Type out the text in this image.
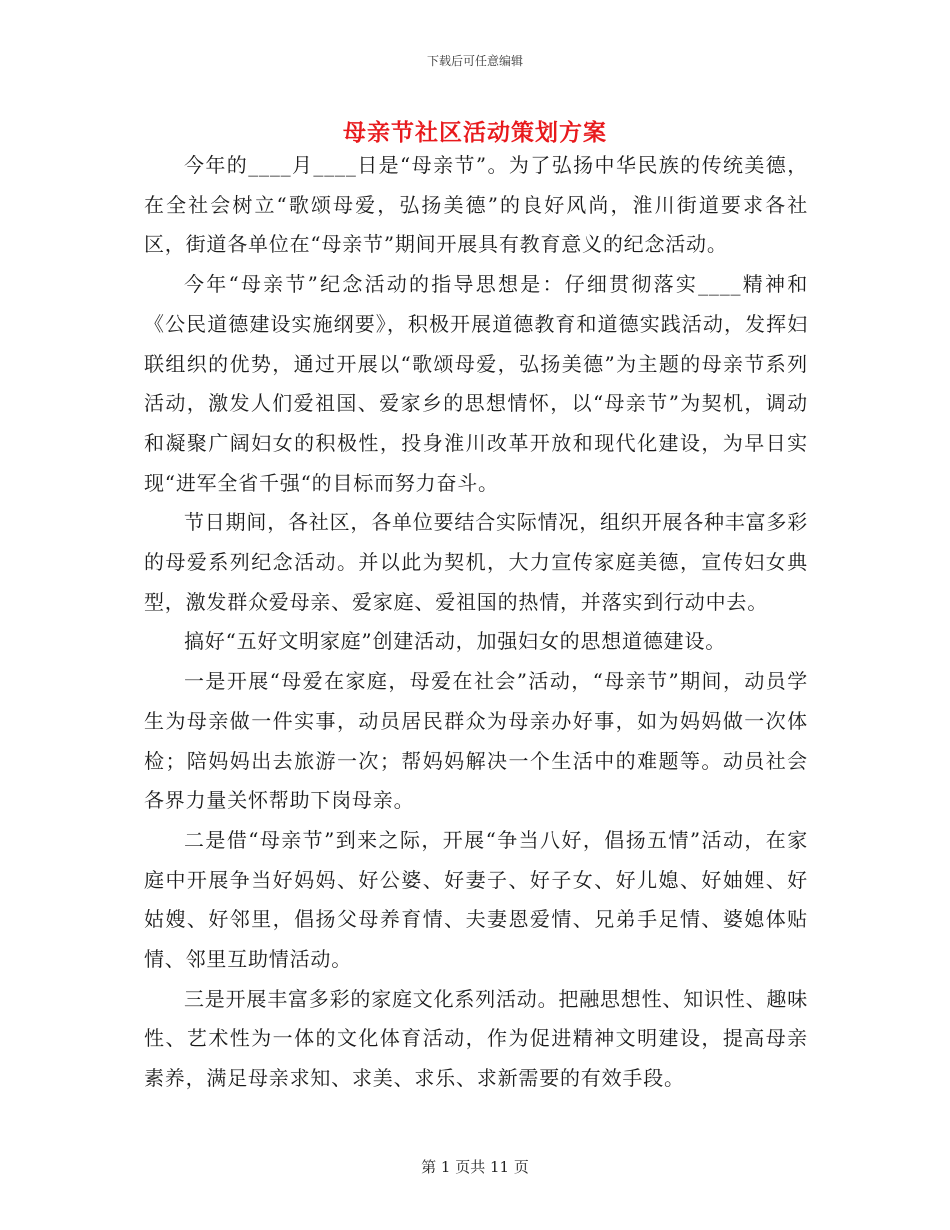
下载后可任意编辑
母亲节社区活动策划方案

今年的____月____日是“母亲节”。为了弘扬中华民族的传统美德，在全社会树立“歌颂母爱，弘扬美德”的良好风尚，淮川街道要求各社区，街道各单位在“母亲节”期间开展具有教育意义的纪念活动。

今年“母亲节”纪念活动的指导思想是：仔细贯彻落实____精神和《公民道德建设实施纲要》，积极开展道德教育和道德实践活动，发挥妇联组织的优势，通过开展以“歌颂母爱，弘扬美德”为主题的母亲节系列活动，激发人们爱祖国、爱家乡的思想情怀，以“母亲节”为契机，调动和凝聚广阔妇女的积极性，投身淮川改革开放和现代化建设，为早日实现“进军全省千强“的目标而努力奋斗。

节日期间，各社区，各单位要结合实际情况，组织开展各种丰富多彩的母爱系列纪念活动。并以此为契机，大力宣传家庭美德，宣传妇女典型，激发群众爱母亲、爱家庭、爱祖国的热情，并落实到行动中去。

搞好“五好文明家庭”创建活动，加强妇女的思想道德建设。

一是开展“母爱在家庭，母爱在社会”活动，“母亲节”期间，动员学生为母亲做一件实事，动员居民群众为母亲办好事，如为妈妈做一次体检；陪妈妈出去旅游一次；帮妈妈解决一个生活中的难题等。动员社会各界力量关怀帮助下岗母亲。

二是借“母亲节”到来之际，开展“争当八好，倡扬五情”活动，在家庭中开展争当好妈妈、好公婆、好妻子、好子女、好儿媳、好妯娌、好姑嫂、好邻里，倡扬父母养育情、夫妻恩爱情、兄弟手足情、婆媳体贴情、邻里互助情活动。

三是开展丰富多彩的家庭文化系列活动。把融思想性、知识性、趣味性、艺术性为一体的文化体育活动，作为促进精神文明建设，提高母亲素养，满足母亲求知、求美、求乐、求新需要的有效手段。

第 1 页共 11 页
